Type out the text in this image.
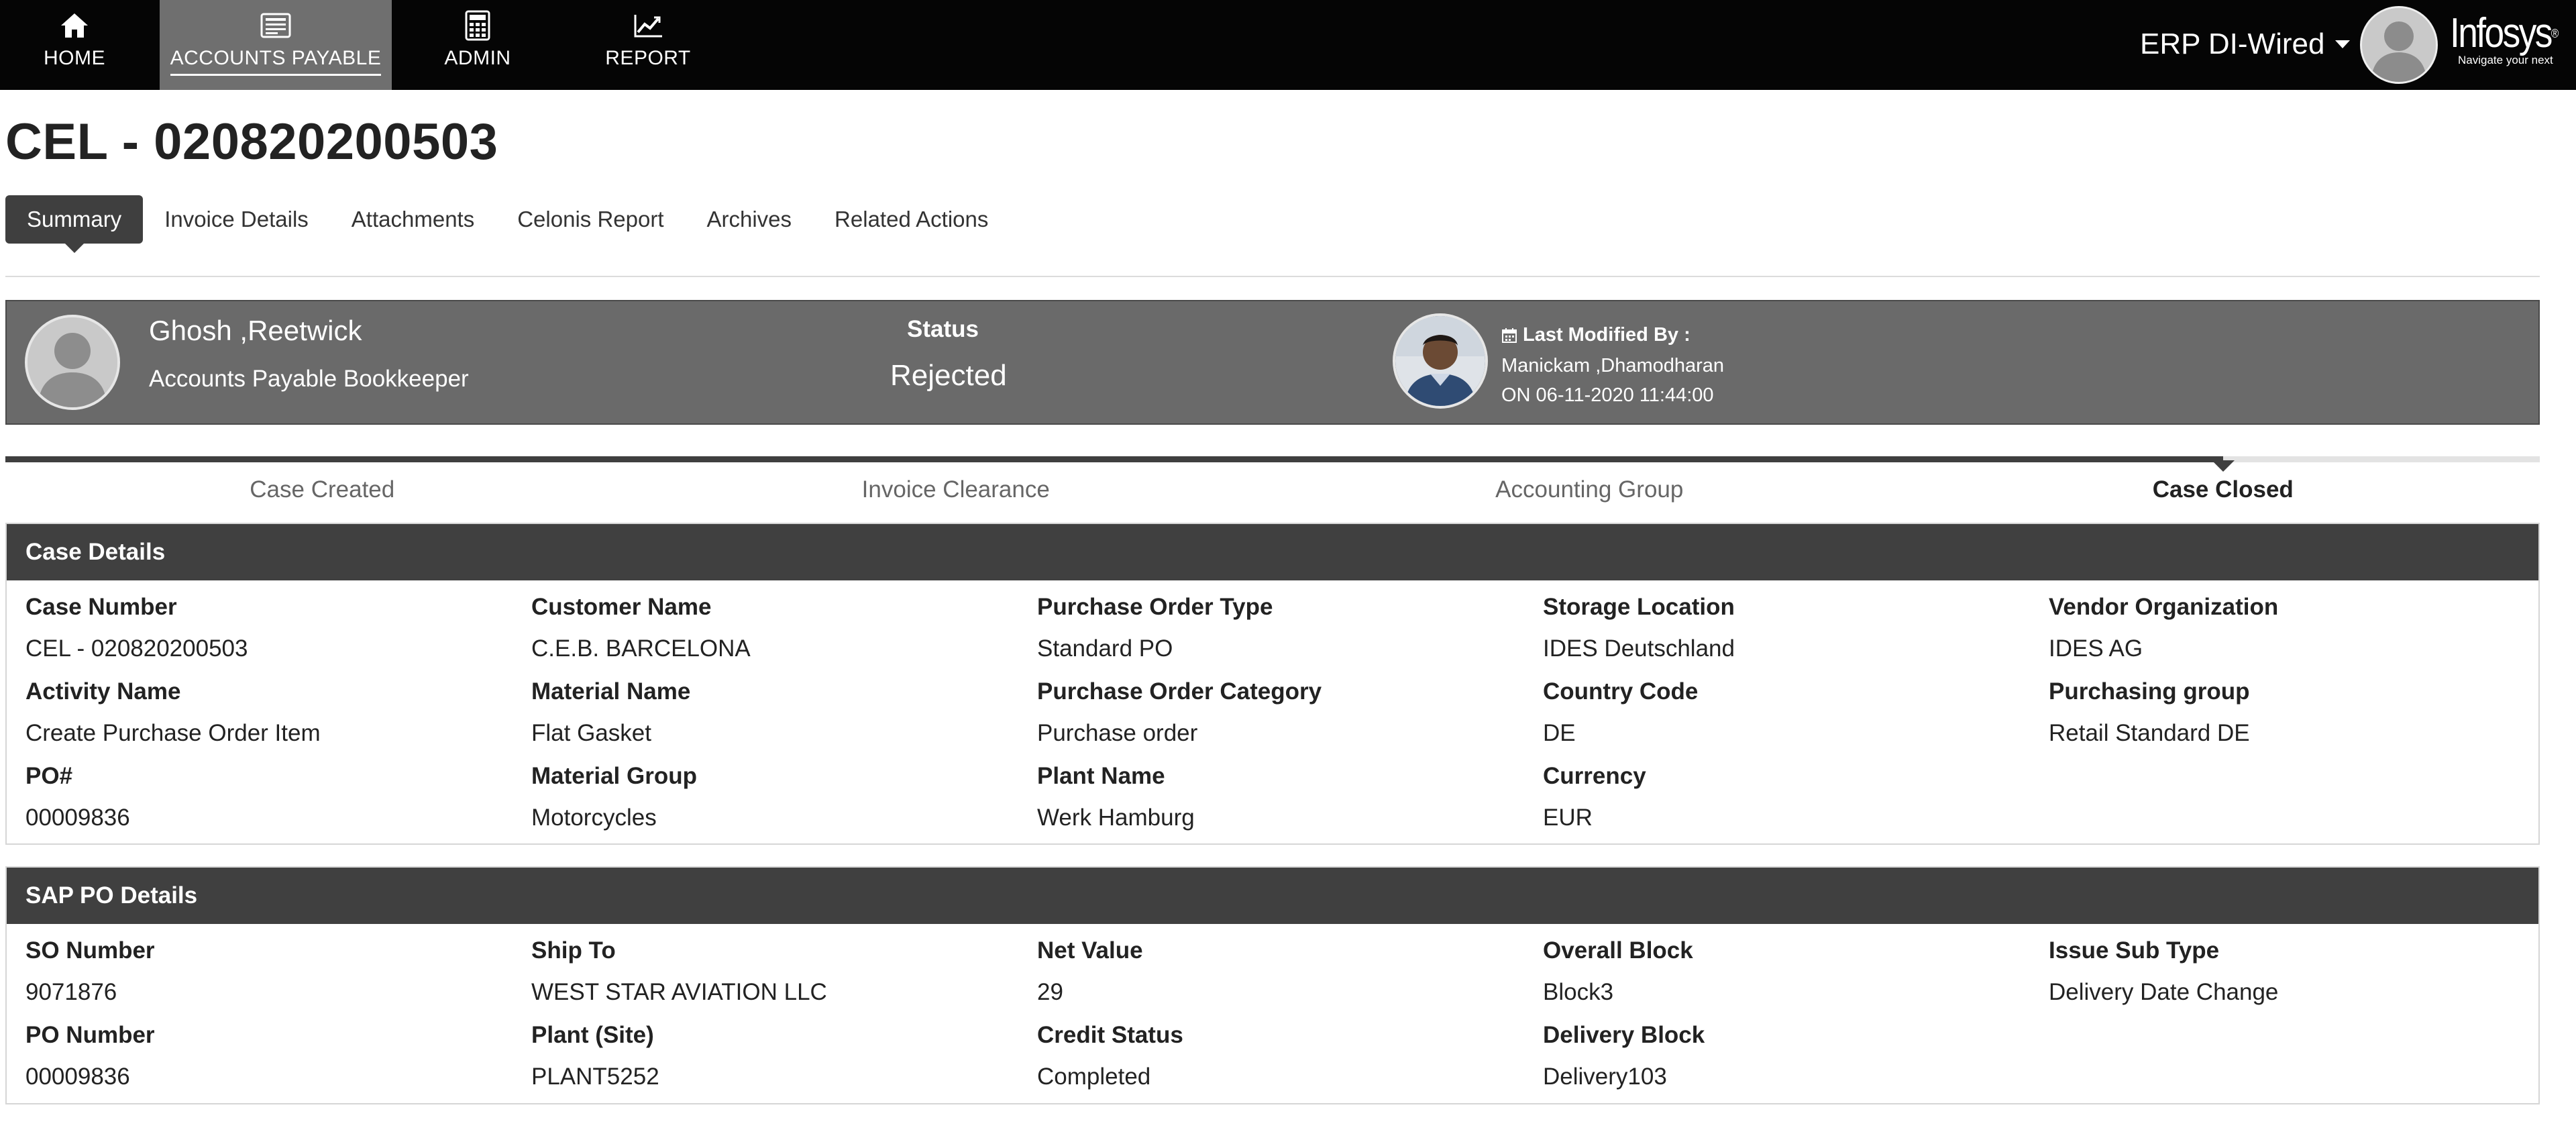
HOME	ACCOUNTS PAYABLE	ADMIN	REPORT	ERP DI-Wired	Infosys®
Navigate your next
CEL - 020820200503
Summary	Invoice Details	Attachments	Celonis Report	Archives	Related Actions
Ghosh ,Reetwick
Accounts Payable Bookkeeper
Status
Rejected
Last Modified By :
Manickam ,Dhamodharan
ON 06-11-2020 11:44:00
Case Created	Invoice Clearance	Accounting Group	Case Closed
Case Details
Case Number
CEL - 020820200503
Customer Name
C.E.B. BARCELONA
Purchase Order Type
Standard PO
Storage Location
IDES Deutschland
Vendor Organization
IDES AG
Activity Name
Create Purchase Order Item
Material Name
Flat Gasket
Purchase Order Category
Purchase order
Country Code
DE
Purchasing group
Retail Standard DE
PO#
00009836
Material Group
Motorcycles
Plant Name
Werk Hamburg
Currency
EUR
SAP PO Details
SO Number
9071876
Ship To
WEST STAR AVIATION LLC
Net Value
29
Overall Block
Block3
Issue Sub Type
Delivery Date Change
PO Number
00009836
Plant (Site)
PLANT5252
Credit Status
Completed
Delivery Block
Delivery103
